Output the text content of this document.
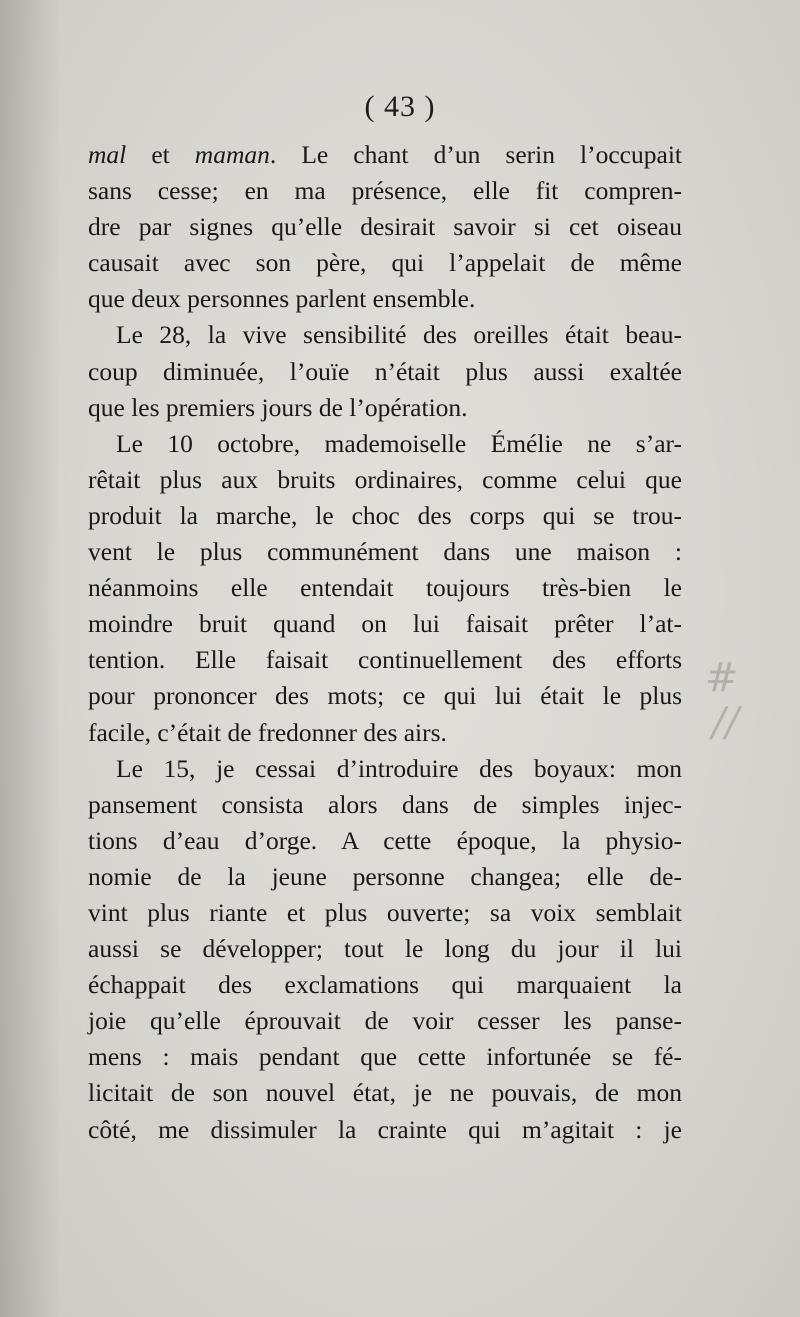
#
//
( 43 )
mal et maman. Le chant d’un serin l’occupait
sans cesse; en ma présence, elle fit compren-
dre par signes qu’elle desirait savoir si cet oiseau
causait avec son père, qui l’appelait de même
que deux personnes parlent ensemble.
Le 28, la vive sensibilité des oreilles était beau-
coup diminuée, l’ouïe n’était plus aussi exaltée
que les premiers jours de l’opération.
Le 10 octobre, mademoiselle Émélie ne s’ar-
rêtait plus aux bruits ordinaires, comme celui que
produit la marche, le choc des corps qui se trou-
vent le plus communément dans une maison :
néanmoins elle entendait toujours très-bien le
moindre bruit quand on lui faisait prêter l’at-
tention. Elle faisait continuellement des efforts
pour prononcer des mots; ce qui lui était le plus
facile, c’était de fredonner des airs.
Le 15, je cessai d’introduire des boyaux: mon
pansement consista alors dans de simples injec-
tions d’eau d’orge. A cette époque, la physio-
nomie de la jeune personne changea; elle de-
vint plus riante et plus ouverte; sa voix semblait
aussi se développer; tout le long du jour il lui
échappait des exclamations qui marquaient la
joie qu’elle éprouvait de voir cesser les panse-
mens : mais pendant que cette infortunée se fé-
licitait de son nouvel état, je ne pouvais, de mon
côté, me dissimuler la crainte qui m’agitait : je
